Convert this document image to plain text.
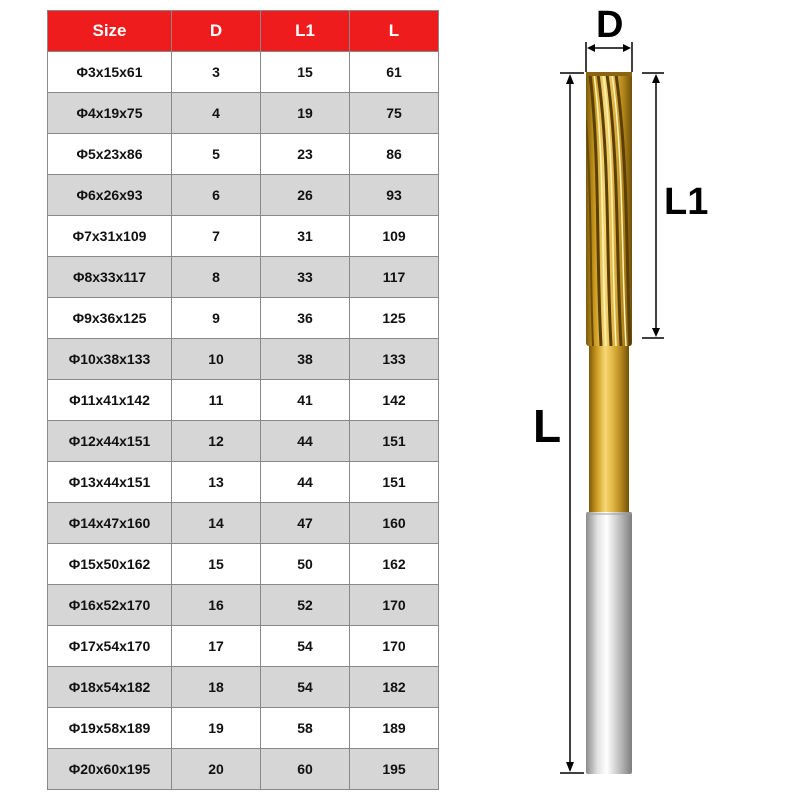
Size	D	L1	L
Φ3x15x61	3	15	61
Φ4x19x75	4	19	75
Φ5x23x86	5	23	86
Φ6x26x93	6	26	93
Φ7x31x109	7	31	109
Φ8x33x117	8	33	117
Φ9x36x125	9	36	125
Φ10x38x133	10	38	133
Φ11x41x142	11	41	142
Φ12x44x151	12	44	151
Φ13x44x151	13	44	151
Φ14x47x160	14	47	160
Φ15x50x162	15	50	162
Φ16x52x170	16	52	170
Φ17x54x170	17	54	170
Φ18x54x182	18	54	182
Φ19x58x189	19	58	189
Φ20x60x195	20	60	195
D
L1
L
